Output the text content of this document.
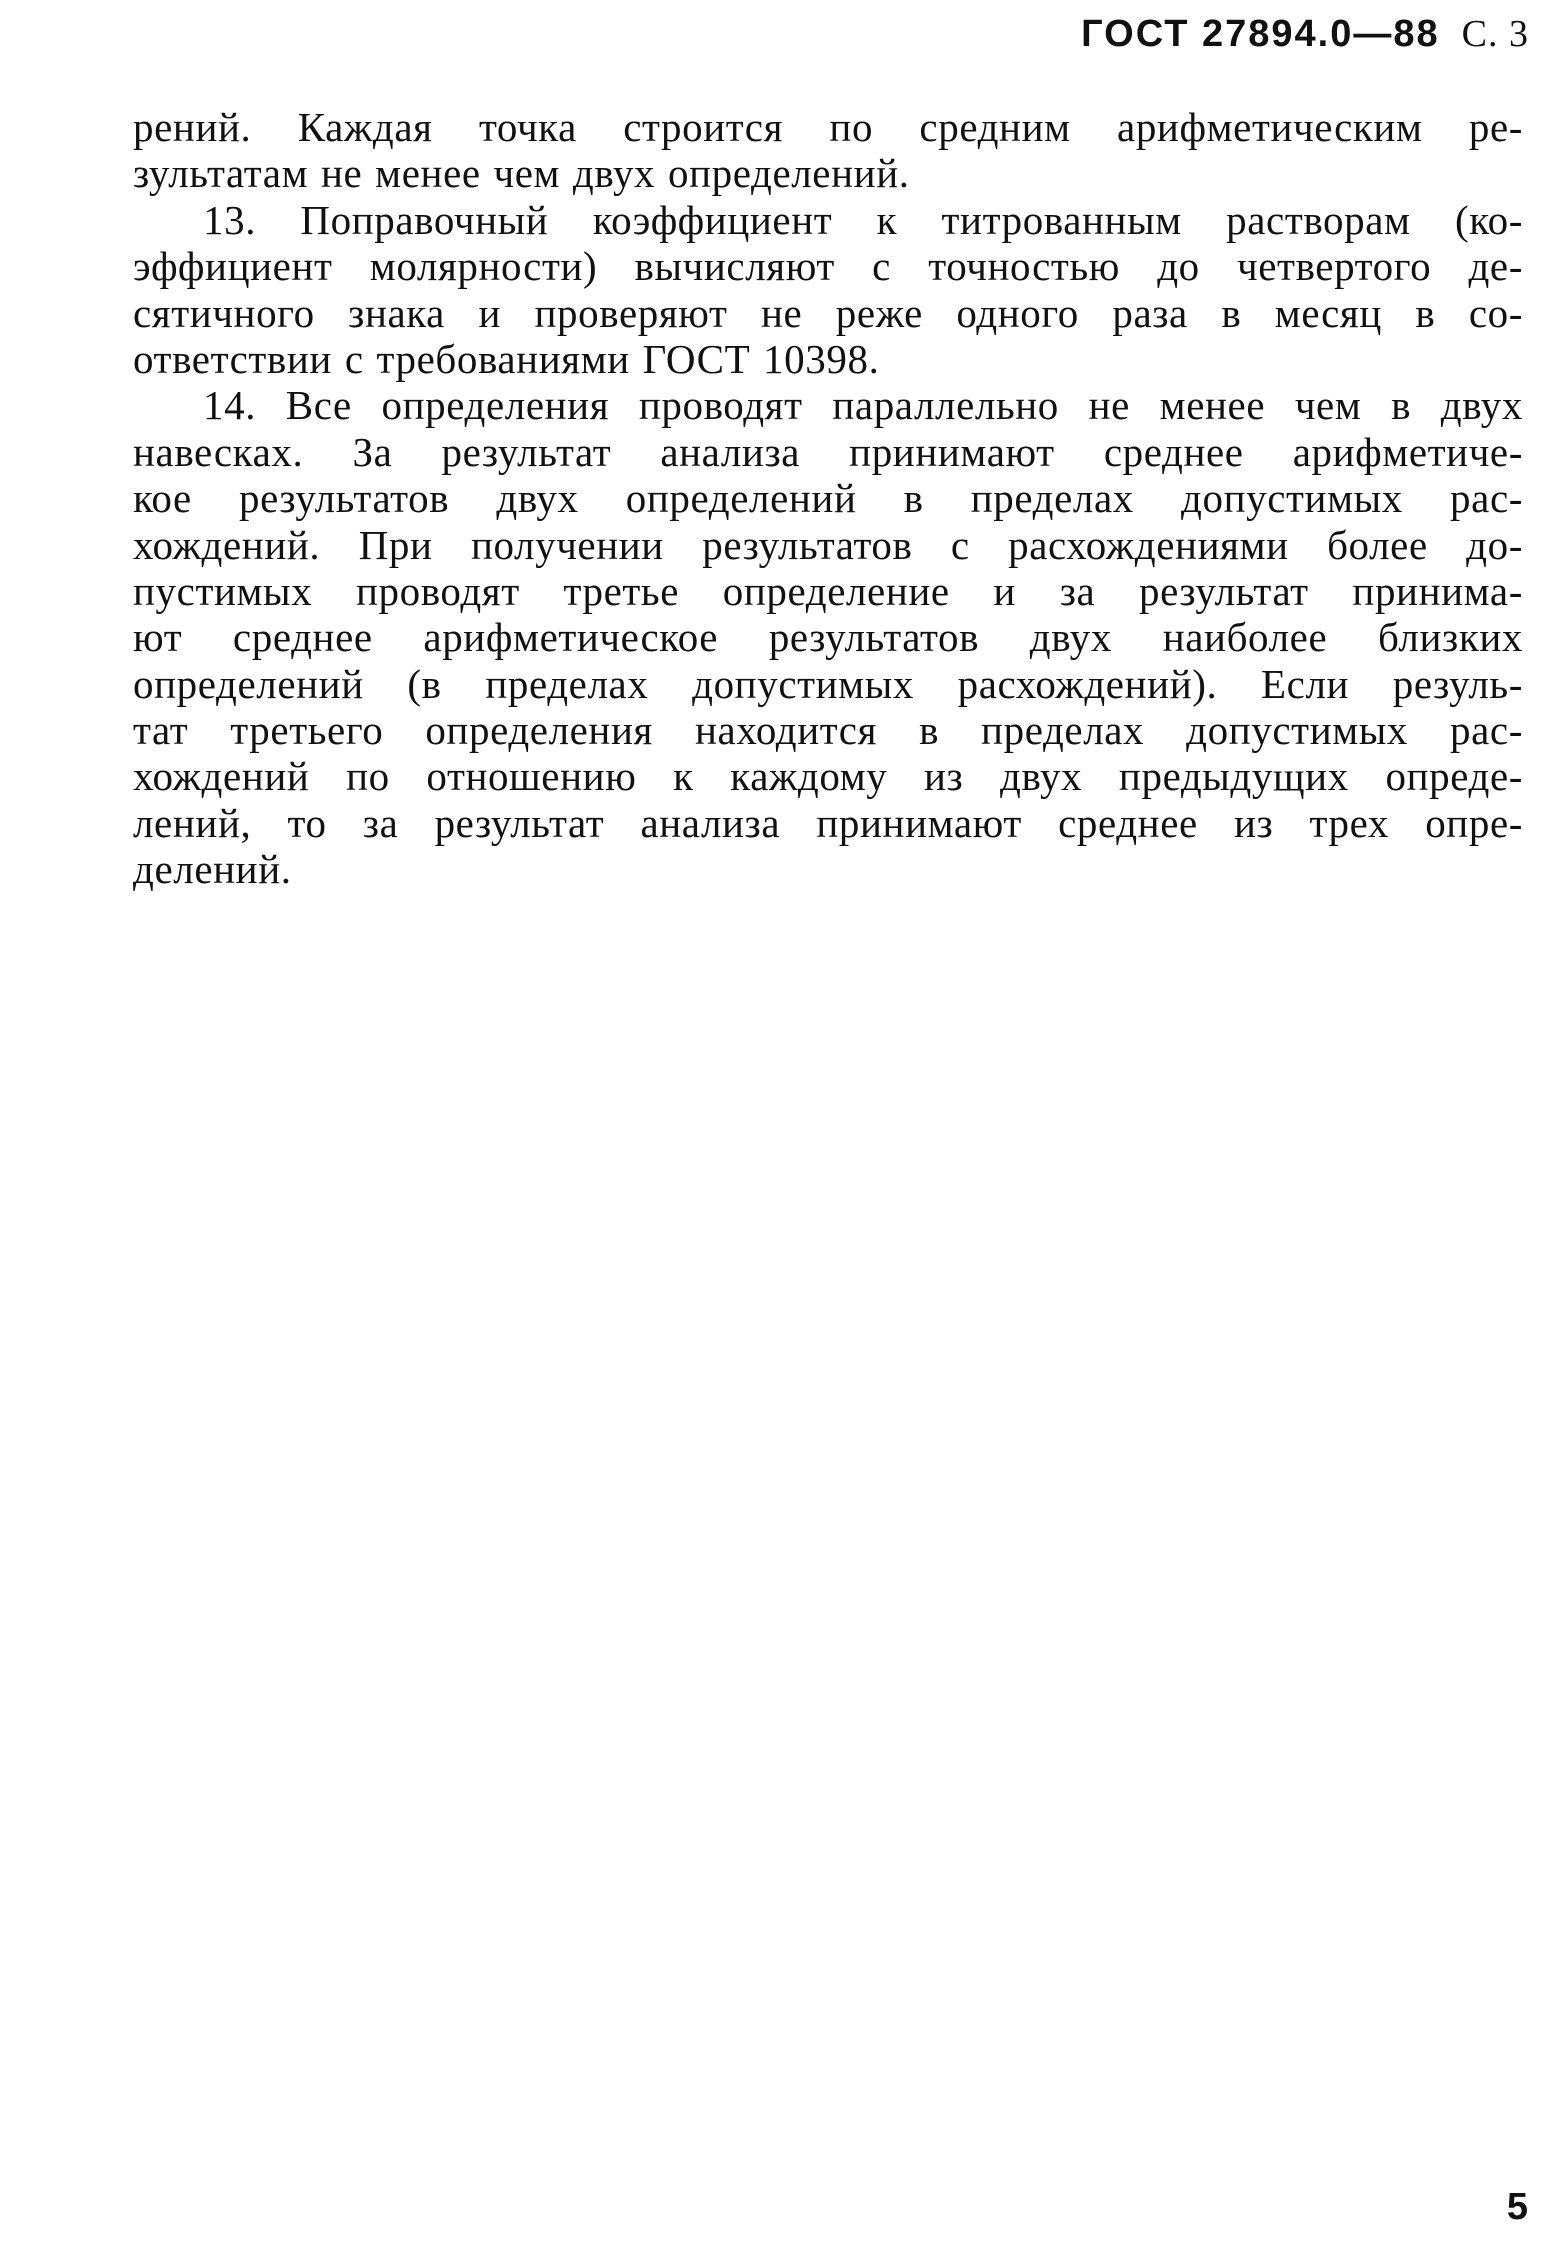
ГОСТ 27894.0—88 С. 3
рений. Каждая точка строится по средним арифметическим ре-
зультатам не менее чем двух определений.
13. Поправочный коэффициент к титрованным растворам (ко-
эффициент молярности) вычисляют с точностью до четвертого де-
сятичного знака и проверяют не реже одного раза в месяц в со-
ответствии с требованиями ГОСТ 10398.
14. Все определения проводят параллельно не менее чем в двух
навесках. За результат анализа принимают среднее арифметиче-
кое результатов двух определений в пределах допустимых рас-
хождений. При получении результатов с расхождениями более до-
пустимых проводят третье определение и за результат принима-
ют среднее арифметическое результатов двух наиболее близких
определений (в пределах допустимых расхождений). Если резуль-
тат третьего определения находится в пределах допустимых рас-
хождений по отношению к каждому из двух предыдущих опреде-
лений, то за результат анализа принимают среднее из трех опре-
делений.
5
